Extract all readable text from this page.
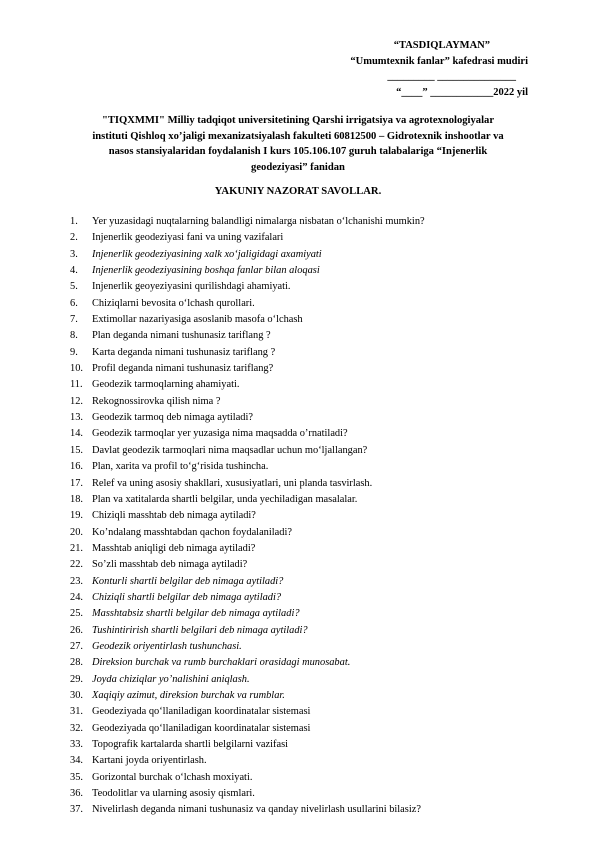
“TASDIQLAYMAN”
“Umumtexnik fanlar” kafedrasi mudiri
_________ _______________
“____” ____________2022 yil
"TIQXMMI" Milliy tadqiqot universitetining Qarshi irrigatsiya va agrotexnologiyalar
instituti Qishloq xo’jaligi mexanizatsiyalash fakulteti 60812500 – Gidrotexnik inshootlar va
nasos stansiyalaridan foydalanish I kurs 105.106.107 guruh talabalariga “Injenerlik
geodeziyasi” fanidan
YAKUNIY NAZORAT SAVOLLAR.
1.	Yer yuzasidagi nuqtalarning balandligi nimalarga nisbatan oʻlchanishi mumkin?
2.	Injenerlik geodeziyasi fani va uning vazifalari
3.	Injenerlik geodeziyasining xalk xoʻjaligidagi axamiyati
4.	Injenerlik geodeziyasining boshqa fanlar bilan aloqasi
5.	Injenerlik geoyeziyasini qurilishdagi ahamiyati.
6.	Chiziqlarni bevosita oʻlchash qurollari.
7.	Extimollar nazariyasiga asoslanib masofa oʻlchash
8.	Plan deganda nimani tushunasiz tariflang ?
9.	Karta deganda nimani tushunasiz tariflang ?
10. Profil deganda nimani tushunasiz tariflang?
11. Geodezik tarmoqlarning ahamiyati.
12. Rekognossirovka qilish nima ?
13. Geodezik tarmoq deb nimaga aytiladi?
14. Geodezik tarmoqlar yer yuzasiga nima maqsadda oʼrnatiladi?
15. Davlat geodezik tarmoqlari nima maqsadlar uchun moʻljallangan?
16. Plan, xarita va profil toʻgʻrisida tushincha.
17. Relef va uning asosiy shakllari, xususiyatlari, uni planda tasvirlash.
18. Plan va xatitalarda shartli belgilar, unda yechiladigan masalalar.
19. Chiziqli masshtab deb nimaga aytiladi?
20. Koʼndalang masshtabdan qachon foydalaniladi?
21. Masshtab aniqligi deb nimaga aytiladi?
22. Soʼzli masshtab deb nimaga aytiladi?
23. Konturli shartli belgilar deb nimaga aytiladi?
24. Chiziqli shartli belgilar deb nimaga aytiladi?
25. Masshtabsiz shartli belgilar deb nimaga aytiladi?
26. Tushintirirish shartli belgilari deb nimaga aytiladi?
27. Geodezik oriyentirlash tushunchasi.
28. Direksion burchak va rumb burchaklari orasidagi munosabat.
29. Joyda chiziqlar yoʼnalishini aniqlash.
30. Xaqiqiy azimut, direksion burchak va rumblar.
31. Geodeziyada qoʻllaniladigan koordinatalar sistemasi
32. Geodeziyada qoʻllaniladigan koordinatalar sistemasi
33. Topografik kartalarda shartli belgilarni vazifasi
34. Kartani joyda oriyentirlash.
35. Gorizontal burchak oʻlchash moxiyati.
36. Teodolitlar va ularning asosiy qismlari.
37. Nivelirlash deganda nimani tushunasiz va qanday nivelirlash usullarini bilasiz?
